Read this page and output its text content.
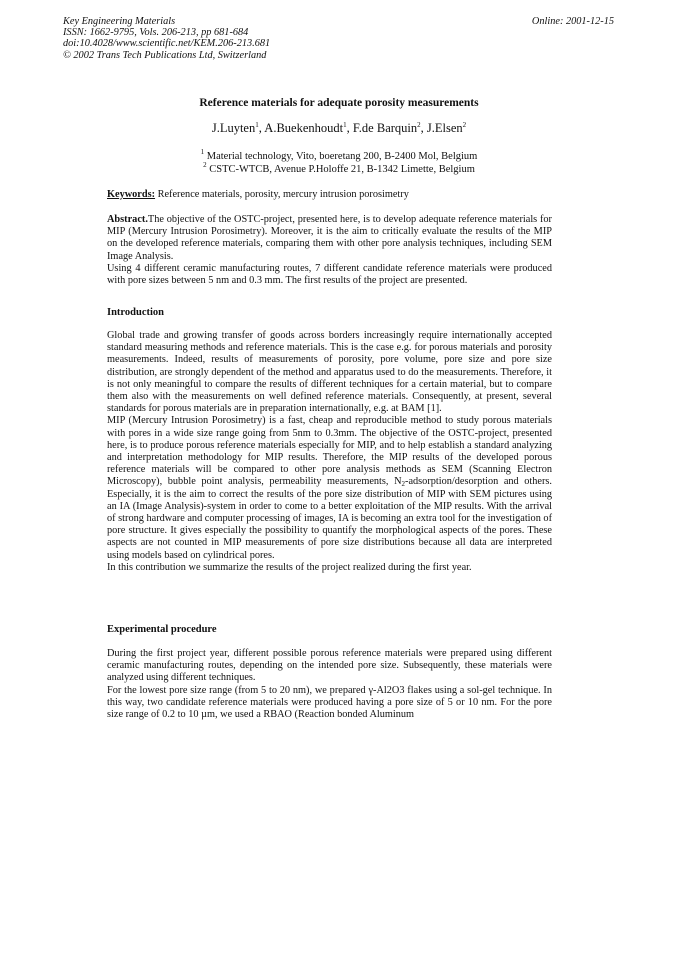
Key Engineering Materials
ISSN: 1662-9795, Vols. 206-213, pp 681-684
doi:10.4028/www.scientific.net/KEM.206-213.681
© 2002 Trans Tech Publications Ltd, Switzerland
Online: 2001-12-15
Reference materials for adequate porosity measurements
J.Luyten$^1$, A.Buekenhoudt$^1$, F.de Barquin$^2$, J.Elsen$^2$
$^1$ Material technology, Vito, boeretang 200, B-2400 Mol, Belgium
$^2$ CSTC-WTCB, Avenue P.Holoffe 21, B-1342 Limette, Belgium

Keywords: Reference materials, porosity, mercury intrusion porosimetry

Abstract.The objective of the OSTC-project, presented here, is to develop adequate reference materials for MIP (Mercury Intrusion Porosimetry). Moreover, it is the aim to critically evaluate the results of the MIP on the developed reference materials, comparing them with other pore analysis techniques, including SEM Image Analysis.

Using 4 different ceramic manufacturing routes, 7 different candidate reference materials were produced with pore sizes between 5 nm and 0.3 mm. The first results of the project are presented.

Introduction

Global trade and growing transfer of goods across borders increasingly require internationally accepted standard measuring methods and reference materials. This is the case e.g. for porous materials and porosity measurements. Indeed, results of measurements of porosity, pore volume, pore size and pore size distribution, are strongly dependent of the method and apparatus used to do the measurements. Therefore, it is not only meaningful to compare the results of different techniques for a certain material, but to compare them also with the measurements on well defined reference materials. Consequently, at present, several standards for porous materials are in preparation internationally, e.g. at BAM [1].

MIP (Mercury Intrusion Porosimetry) is a fast, cheap and reproducible method to study porous materials with pores in a wide size range going from 5nm to 0.3mm. The objective of the OSTC-project, presented here, is to produce porous reference materials especially for MIP, and to help establish a standard analyzing and interpretation methodology for MIP results. Therefore, the MIP results of the developed porous reference materials will be compared to other pore analysis methods as SEM (Scanning Electron Microscopy), bubble point analysis, permeability measurements, $N_2-adsorption$/desorption and others. Especially, it is the aim to correct the results of the pore size distribution of MIP with SEM pictures using an IA (Image Analysis)-system in order to come to a better exploitation of the MIP results. With the arrival of strong hardware and computer processing of images, IA is becoming an extra tool for the investigation of pore structure. It gives especially the possibility to quantify the morphological aspects of the pores. These aspects are not counted in MIP measurements of pore size distributions because all data are interpreted using models based on cylindrical pores.

In this contribution we summarize the results of the project realized during the first year.

Experimental procedure

During the first project year, different possible porous reference materials were prepared using different ceramic manufacturing routes, depending on the intended pore size. Subsequently, these materials were analyzed using different techniques.

For the lowest pore size range (from 5 to 20 nm), we prepared γ-Al2O3 flakes using a sol-gel technique. In this way, two candidate reference materials were produced having a pore size of 5 or 10 nm. For the pore size range of 0.2 to 10 µm, we used a RBAO (Reaction bonded Aluminum
